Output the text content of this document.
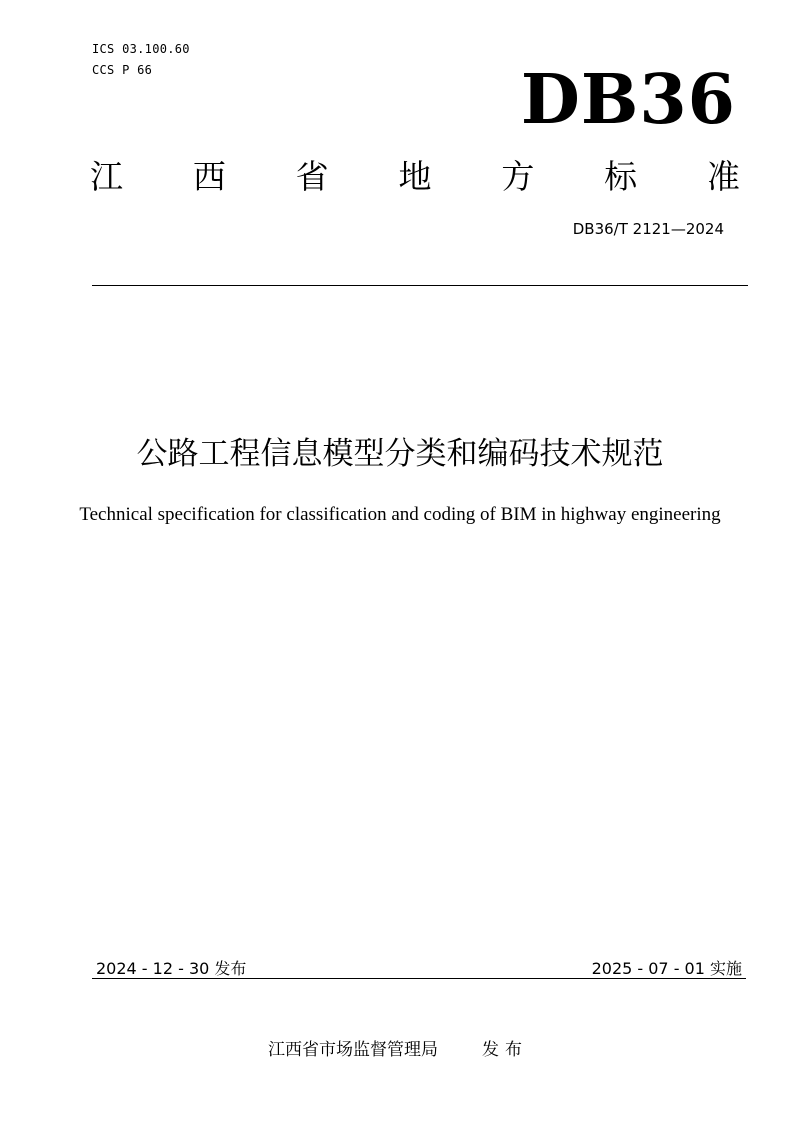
ICS 03.100.60
CCS P 66	DB36
江 西 省 地 方 标 准
DB36/T 2121—2024
公路工程信息模型分类和编码技术规范
Technical specification for classification and coding of BIM in highway engineering
2024 - 12 - 30 发布	2025 - 07 - 01 实施
江西省市场监督管理局	发布
